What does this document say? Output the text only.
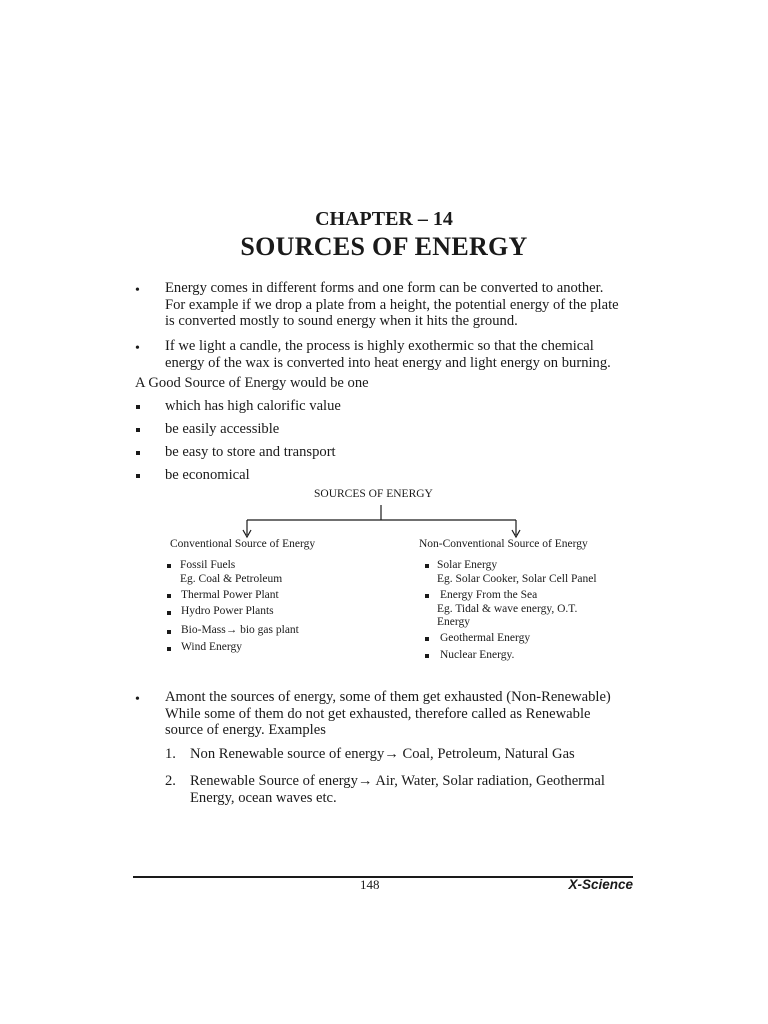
CHAPTER – 14
SOURCES OF ENERGY
• Energy comes in different forms and one form can be converted to another.
For example if we drop a plate from a height, the potential energy of the plate
is converted mostly to sound energy when it hits the ground.
• If we light a candle, the process is highly exothermic so that the chemical
energy of the wax is converted into heat energy and light energy on burning.
A Good Source of Energy would be one
which has high calorific value
be easily accessible
be easy to store and transport
be economical
SOURCES OF ENERGY
Conventional Source of Energy	Non-Conventional Source of Energy
Fossil Fuels
Eg. Coal & Petroleum
Thermal Power Plant
Hydro Power Plants
Bio-Mass→ bio gas plant
Wind Energy
Solar Energy
Eg. Solar Cooker, Solar Cell Panel
Energy From the Sea
Eg. Tidal & wave energy, O.T.
Energy
Geothermal Energy
Nuclear Energy.
• Amont the sources of energy, some of them get exhausted (Non-Renewable)
While some of them do not get exhausted, therefore called as Renewable
source of energy. Examples
1. Non Renewable source of energy→ Coal, Petroleum, Natural Gas
2. Renewable Source of energy→ Air, Water, Solar radiation, Geothermal
Energy, ocean waves etc.
148	X-Science
